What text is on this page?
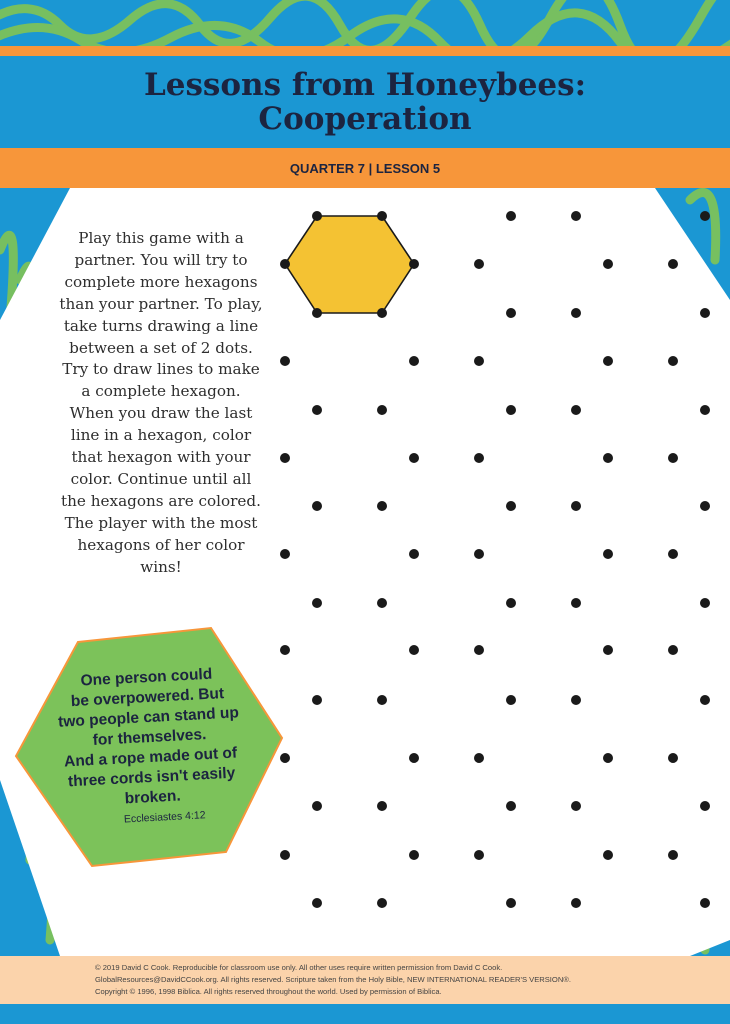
Lessons from Honeybees:
Cooperation
QUARTER 7 | LESSON 5
Play this game with a partner. You will try to complete more hexagons than your partner. To play, take turns drawing a line between a set of 2 dots. Try to draw lines to make a complete hexagon. When you draw the last line in a hexagon, color that hexagon with your color. Continue until all the hexagons are colored. The player with the most hexagons of her color wins!
One person could
be overpowered. But
two people can stand up
for themselves.
And a rope made out of
three cords isn't easily
broken.
Ecclesiastes 4:12
© 2019 David C Cook. Reproducible for classroom use only. All other uses require written permission from David C Cook.
GlobalResources@DavidCCook.org. All rights reserved. Scripture taken from the Holy Bible, NEW INTERNATIONAL READER'S VERSION®.
Copyright © 1996, 1998 Biblica. All rights reserved throughout the world. Used by permission of Biblica.
